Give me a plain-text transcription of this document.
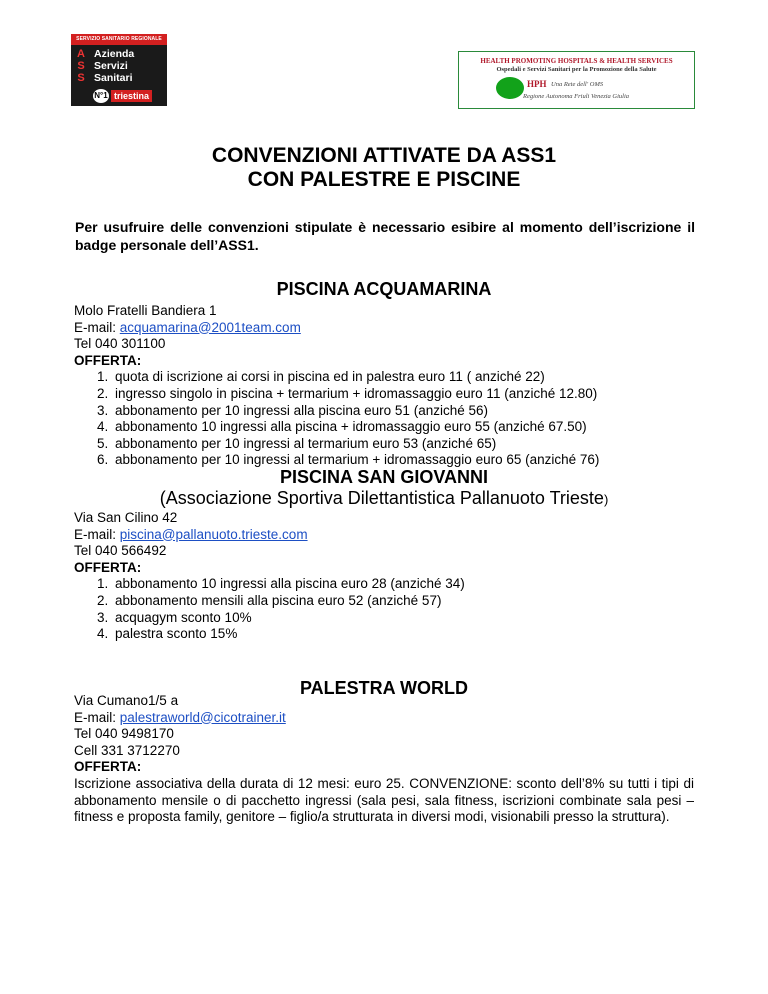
SERVIZIO SANITARIO REGIONALE
A
S
S
Azienda
Servizi
Sanitari
N°1 triestina
HEALTH PROMOTING HOSPITALS & HEALTH SERVICES
Ospedali e Servizi Sanitari per la Promozione della Salute
HPH Una Rete dell' OMS
Regione Autonoma Friuli Venezia Giulia
CONVENZIONI ATTIVATE DA ASS1
CON PALESTRE E PISCINE

Per usufruire delle convenzioni stipulate è necessario esibire al momento dell’iscrizione il badge personale dell’ASS1.

PISCINA ACQUAMARINA
Molo Fratelli Bandiera 1
E-mail: acquamarina@2001team.com
Tel 040 301100
OFFERTA:
1. quota di iscrizione ai corsi in piscina ed in palestra euro 11 ( anziché 22)
2. ingresso singolo in piscina + termarium + idromassaggio euro 11 (anziché 12.80)
3. abbonamento per 10 ingressi alla piscina euro 51 (anziché 56)
4. abbonamento 10 ingressi alla piscina + idromassaggio euro 55 (anziché 67.50)
5. abbonamento per 10 ingressi al termarium euro 53 (anziché 65)
6. abbonamento per 10 ingressi al termarium + idromassaggio euro 65 (anziché 76)
PISCINA SAN GIOVANNI
(Associazione Sportiva Dilettantistica Pallanuoto Trieste)
Via San Cilino 42
E-mail: piscina@pallanuoto.trieste.com
Tel 040 566492
OFFERTA:
1. abbonamento 10 ingressi alla piscina euro 28 (anziché 34)
2. abbonamento mensili alla piscina euro 52 (anziché 57)
3. acquagym sconto 10%
4. palestra sconto 15%
PALESTRA WORLD
Via Cumano1/5 a
E-mail: palestraworld@cicotrainer.it
Tel 040 9498170
Cell 331 3712270
OFFERTA:
Iscrizione associativa della durata di 12 mesi: euro 25. CONVENZIONE: sconto dell’8% su tutti i tipi di abbonamento mensile o di pacchetto ingressi (sala pesi, sala fitness, iscrizioni combinate sala pesi – fitness e proposta family, genitore – figlio/a strutturata in diversi modi, visionabili presso la struttura).
